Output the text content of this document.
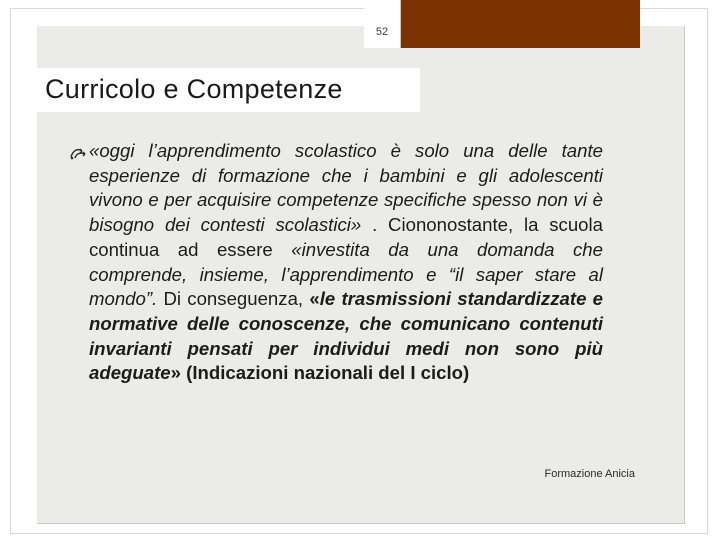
52
Curricolo e Competenze
«oggi l’apprendimento scolastico è solo una delle tante esperienze di formazione che i bambini e gli adolescenti vivono e per acquisire competenze specifiche spesso non vi è bisogno dei contesti scolastici» . Ciononostante, la scuola continua ad essere «investita da una domanda che comprende, insieme, l’apprendimento e “il saper stare al mondo”. Di conseguenza, «le trasmissioni standardizzate e normative delle conoscenze, che comunicano contenuti invarianti pensati per individui medi non sono più adeguate» (Indicazioni nazionali del I ciclo)
Formazione Anicia
